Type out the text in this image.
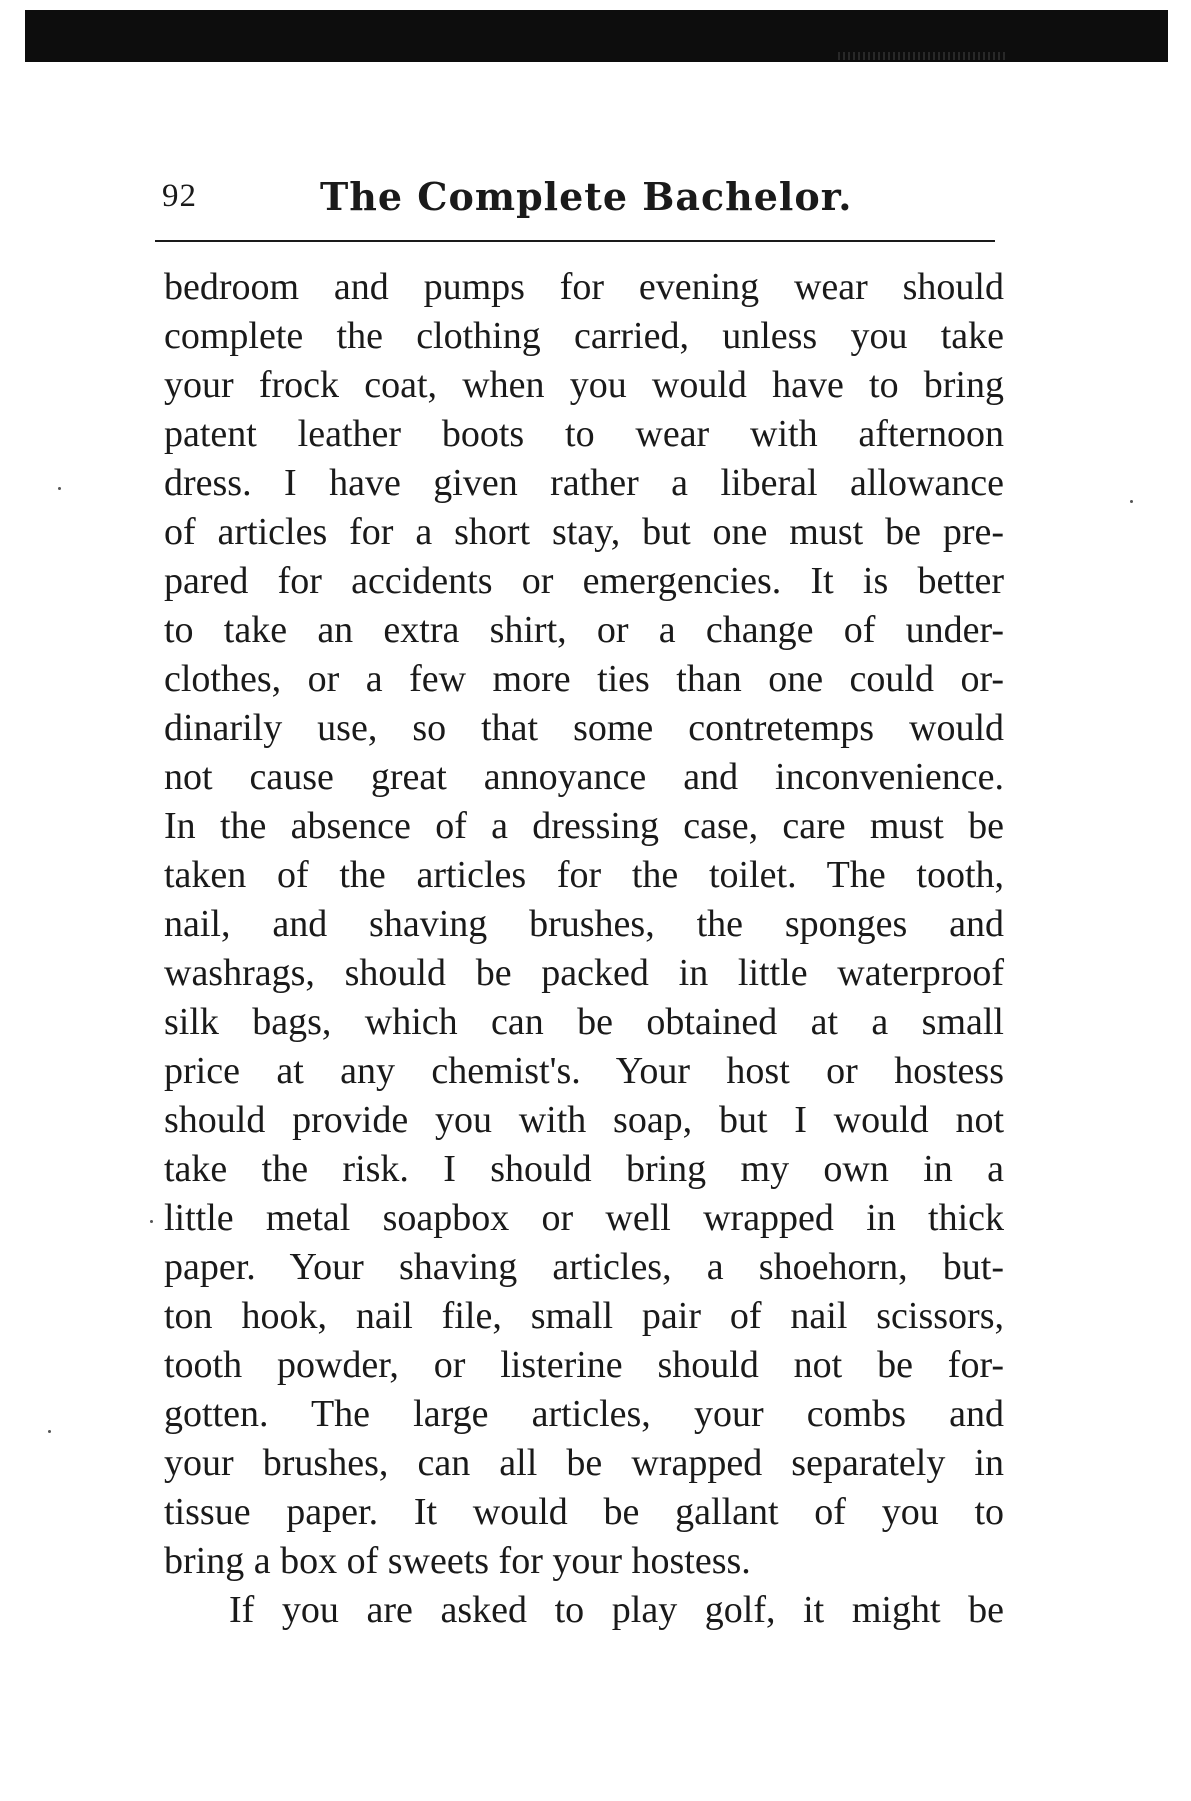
92	The Complete Bachelor.
bedroom and pumps for evening wear should
complete the clothing carried, unless you take
your frock coat, when you would have to bring
patent leather boots to wear with afternoon
dress. I have given rather a liberal allowance
of articles for a short stay, but one must be pre-
pared for accidents or emergencies. It is better
to take an extra shirt, or a change of under-
clothes, or a few more ties than one could or-
dinarily use, so that some contretemps would
not cause great annoyance and inconvenience.
In the absence of a dressing case, care must be
taken of the articles for the toilet. The tooth,
nail, and shaving brushes, the sponges and
washrags, should be packed in little waterproof
silk bags, which can be obtained at a small
price at any chemist's. Your host or hostess
should provide you with soap, but I would not
take the risk. I should bring my own in a
little metal soapbox or well wrapped in thick
paper. Your shaving articles, a shoehorn, but-
ton hook, nail file, small pair of nail scissors,
tooth powder, or listerine should not be for-
gotten. The large articles, your combs and
your brushes, can all be wrapped separately in
tissue paper. It would be gallant of you to
bring a box of sweets for your hostess.
If you are asked to play golf, it might be
